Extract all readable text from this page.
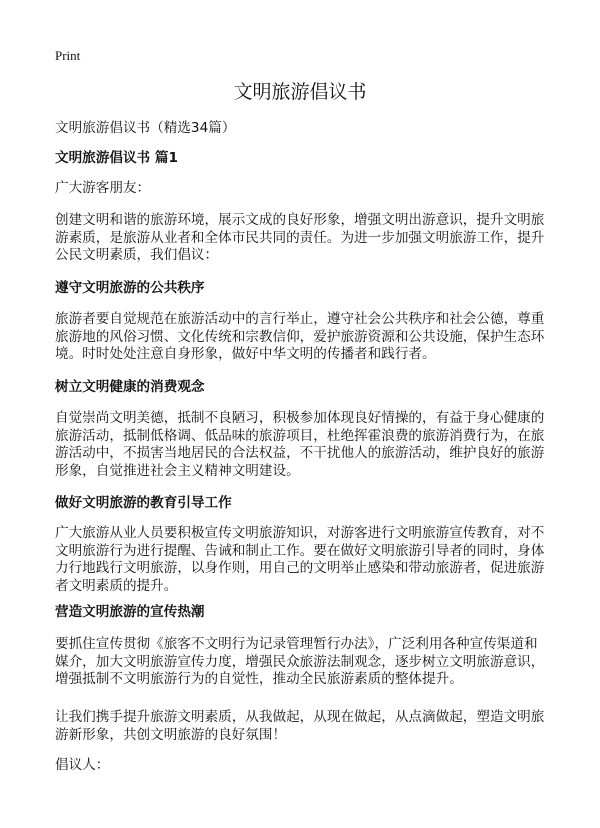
Print
文明旅游倡议书
文明旅游倡议书（精选34篇）
文明旅游倡议书 篇1
广大游客朋友：
创建文明和谐的旅游环境，展示文成的良好形象，增强文明出游意识，提升文明旅
游素质，是旅游从业者和全体市民共同的责任。为进一步加强文明旅游工作，提升
公民文明素质，我们倡议：
遵守文明旅游的公共秩序
旅游者要自觉规范在旅游活动中的言行举止，遵守社会公共秩序和社会公德，尊重
旅游地的风俗习惯、文化传统和宗教信仰，爱护旅游资源和公共设施，保护生态环
境。时时处处注意自身形象，做好中华文明的传播者和践行者。
树立文明健康的消费观念
自觉崇尚文明美德，抵制不良陋习，积极参加体现良好情操的，有益于身心健康的
旅游活动，抵制低格调、低品味的旅游项目，杜绝挥霍浪费的旅游消费行为，在旅
游活动中，不损害当地居民的合法权益，不干扰他人的旅游活动，维护良好的旅游
形象，自觉推进社会主义精神文明建设。
做好文明旅游的教育引导工作
广大旅游从业人员要积极宣传文明旅游知识，对游客进行文明旅游宣传教育，对不
文明旅游行为进行提醒、告诫和制止工作。要在做好文明旅游引导者的同时，身体
力行地践行文明旅游，以身作则，用自己的文明举止感染和带动旅游者，促进旅游
者文明素质的提升。
营造文明旅游的宣传热潮
要抓住宣传贯彻《旅客不文明行为记录管理暂行办法》，广泛利用各种宣传渠道和
媒介，加大文明旅游宣传力度，增强民众旅游法制观念，逐步树立文明旅游意识，
增强抵制不文明旅游行为的自觉性，推动全民旅游素质的整体提升。
让我们携手提升旅游文明素质，从我做起，从现在做起，从点滴做起，塑造文明旅
游新形象，共创文明旅游的良好氛围！
倡议人：
